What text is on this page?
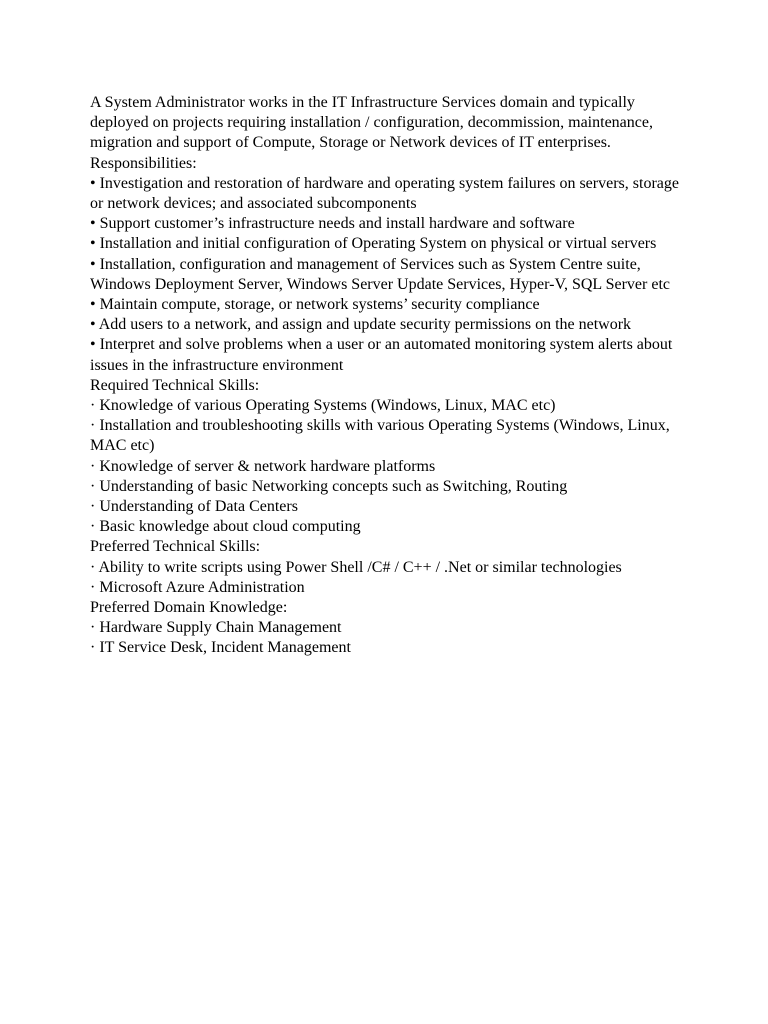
A System Administrator works in the IT Infrastructure Services domain and typically deployed on projects requiring installation / configuration, decommission, maintenance, migration and support of Compute, Storage or Network devices of IT enterprises.

Responsibilities:

• Investigation and restoration of hardware and operating system failures on servers, storage or network devices; and associated subcomponents

• Support customer’s infrastructure needs and install hardware and software

• Installation and initial configuration of Operating System on physical or virtual servers

• Installation, configuration and management of Services such as System Centre suite, Windows Deployment Server, Windows Server Update Services, Hyper-V, SQL Server etc

• Maintain compute, storage, or network systems’ security compliance

• Add users to a network, and assign and update security permissions on the network

• Interpret and solve problems when a user or an automated monitoring system alerts about issues in the infrastructure environment

Required Technical Skills:

· Knowledge of various Operating Systems (Windows, Linux, MAC etc)

· Installation and troubleshooting skills with various Operating Systems (Windows, Linux, MAC etc)

· Knowledge of server & network hardware platforms

· Understanding of basic Networking concepts such as Switching, Routing

· Understanding of Data Centers

· Basic knowledge about cloud computing

Preferred Technical Skills:

· Ability to write scripts using Power Shell /C# / C++ / .Net or similar technologies

· Microsoft Azure Administration

Preferred Domain Knowledge:

· Hardware Supply Chain Management

· IT Service Desk, Incident Management
